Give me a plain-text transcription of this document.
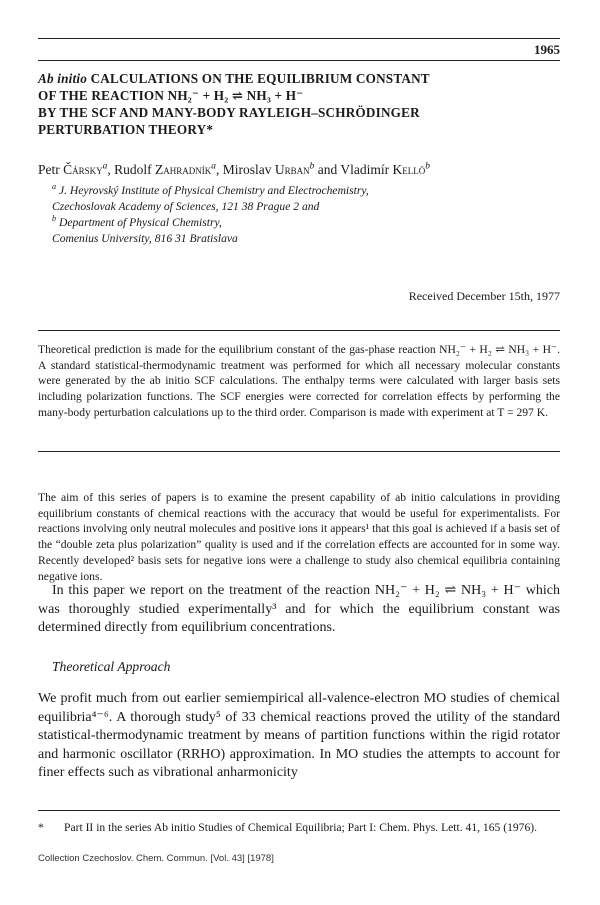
1965
Ab initio CALCULATIONS ON THE EQUILIBRIUM CONSTANT
OF THE REACTION NH₂⁻ + H₂ ⇌ NH₃ + H⁻
BY THE SCF AND MANY-BODY RAYLEIGH–SCHRÖDINGER
PERTURBATION THEORY*
Petr Čársky$^a$, Rudolf Zahradník$^a$, Miroslav Urban$^b$ and Vladimír Kellö$^b$
$^a$ J. Heyrovský Institute of Physical Chemistry and Electrochemistry,
Czechoslovak Academy of Sciences, 121 38 Prague 2 and
$^b$ Department of Physical Chemistry,
Comenius University, 816 31 Bratislava
Received December 15th, 1977
Theoretical prediction is made for the equilibrium constant of the gas-phase reaction NH₂⁻ + H₂ ⇌ NH₃ + H⁻. A standard statistical-thermodynamic treatment was performed for which all necessary molecular constants were generated by the ab initio SCF calculations. The enthalpy terms were calculated with larger basis sets including polarization functions. The SCF energies were corrected for correlation effects by performing the many-body perturbation calculations up to the third order. Comparison is made with experiment at T = 297 K.
The aim of this series of papers is to examine the present capability of ab initio calculations in providing equilibrium constants of chemical reactions with the accuracy that would be useful for experimentalists. For reactions involving only neutral molecules and positive ions it appears¹ that this goal is achieved if a basis set of the “double zeta plus polarization” quality is used and if the correlation effects are accounted for in some way. Recently developed² basis sets for negative ions were a challenge to study also chemical equilibria containing negative ions.
In this paper we report on the treatment of the reaction NH₂⁻ + H₂ ⇌ NH₃ + H⁻ which was thoroughly studied experimentally³ and for which the equilibrium constant was determined directly from equilibrium concentrations.
Theoretical Approach
We profit much from out earlier semiempirical all-valence-electron MO studies of chemical equilibria⁴⁻⁶. A thorough study⁵ of 33 chemical reactions proved the utility of the standard statistical-thermodynamic treatment by means of partition functions within the rigid rotator and harmonic oscillator (RRHO) approximation. In MO studies the attempts to account for finer effects such as vibrational anharmonicity
* Part II in the series Ab initio Studies of Chemical Equilibria; Part I: Chem. Phys. Lett. 41, 165 (1976).
Collection Czechoslov. Chem. Commun. [Vol. 43] [1978]
